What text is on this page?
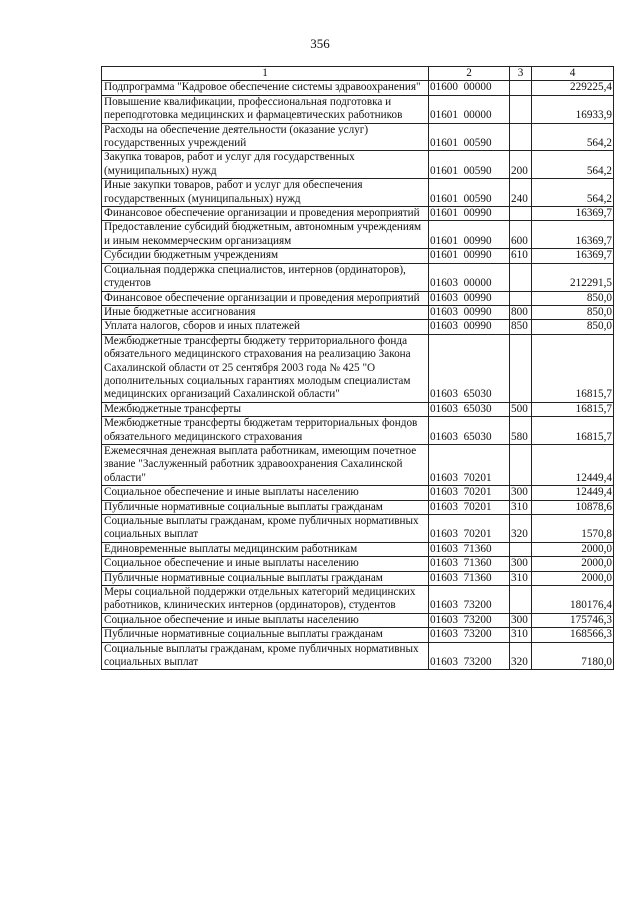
356
1	2	3	4
Подпрограмма "Кадровое обеспечение системы здравоохранения"	01600  00000		229225,4
Повышение квалификации, профессиональная подготовка и переподготовка медицинских и фармацевтических работников	01601  00000		16933,9
Расходы на обеспечение деятельности (оказание услуг) государственных учреждений	01601  00590		564,2
Закупка товаров, работ и услуг для государственных (муниципальных) нужд	01601  00590	200	564,2
Иные закупки товаров, работ и услуг для обеспечения государственных (муниципальных) нужд	01601  00590	240	564,2
Финансовое обеспечение организации и проведения мероприятий	01601  00990		16369,7
Предоставление субсидий бюджетным, автономным учреждениям и иным некоммерческим организациям	01601  00990	600	16369,7
Субсидии бюджетным учреждениям	01601  00990	610	16369,7
Социальная поддержка специалистов, интернов (ординаторов), студентов	01603  00000		212291,5
Финансовое обеспечение организации и проведения мероприятий	01603  00990		850,0
Иные бюджетные ассигнования	01603  00990	800	850,0
Уплата налогов, сборов и иных платежей	01603  00990	850	850,0
Межбюджетные трансферты бюджету территориального фонда обязательного медицинского страхования на реализацию Закона Сахалинской области от 25 сентября 2003 года № 425 "О дополнительных социальных гарантиях молодым специалистам медицинских организаций Сахалинской области"	01603  65030		16815,7
Межбюджетные трансферты	01603  65030	500	16815,7
Межбюджетные трансферты бюджетам территориальных фондов обязательного медицинского страхования	01603  65030	580	16815,7
Ежемесячная денежная выплата работникам, имеющим почетное звание "Заслуженный работник здравоохранения Сахалинской области"	01603  70201		12449,4
Социальное обеспечение и иные выплаты населению	01603  70201	300	12449,4
Публичные нормативные социальные выплаты гражданам	01603  70201	310	10878,6
Социальные выплаты гражданам, кроме публичных нормативных социальных выплат	01603  70201	320	1570,8
Единовременные выплаты медицинским работникам	01603  71360		2000,0
Социальное обеспечение и иные выплаты населению	01603  71360	300	2000,0
Публичные нормативные социальные выплаты гражданам	01603  71360	310	2000,0
Меры социальной поддержки отдельных категорий медицинских работников, клинических интернов (ординаторов), студентов	01603  73200		180176,4
Социальное обеспечение и иные выплаты населению	01603  73200	300	175746,3
Публичные нормативные социальные выплаты гражданам	01603  73200	310	168566,3
Социальные выплаты гражданам, кроме публичных нормативных социальных выплат	01603  73200	320	7180,0
